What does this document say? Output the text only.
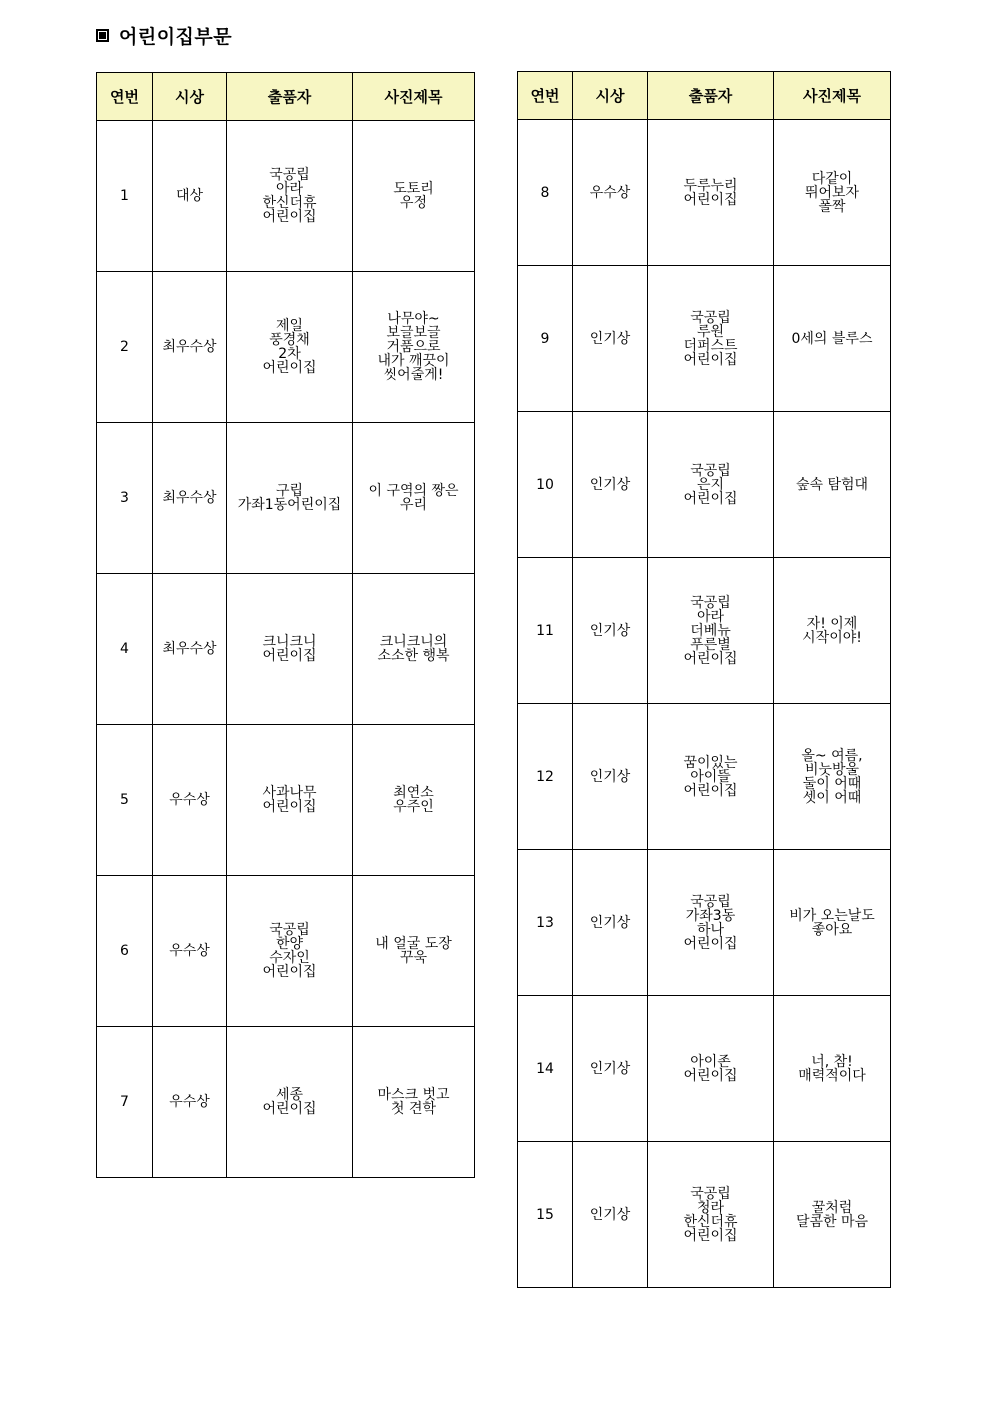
어린이집부문
연번	시상	출품자	사진제목
1	대상	국공립
아라
한신더휴
어린이집	도토리
우정
2	최우수상	제일
풍경채
2차
어린이집	나무야~
보글보글
거품으로
내가 깨끗이
씻어줄게!
3	최우수상	구립
가좌1동어린이집	이 구역의 짱은
우리
4	최우수상	크니크니
어린이집	크니크니의
소소한 행복
5	우수상	사과나무
어린이집	최연소
우주인
6	우수상	국공립
한양
수자인
어린이집	내 얼굴 도장
꾸욱
7	우수상	세종
어린이집	마스크 벗고
첫 견학
연번	시상	출품자	사진제목
8	우수상	두루누리
어린이집	다같이
뛰어보자
폴짝
9	인기상	국공립
루원
더퍼스트
어린이집	0세의 블루스
10	인기상	국공립
은지
어린이집	숲속 탐험대
11	인기상	국공립
아라
더베뉴
푸른별
어린이집	자! 이제
시작이야!
12	인기상	꿈이있는
아이뜰
어린이집	올~ 여름,
비눗방울
둘이 어때
셋이 어때
13	인기상	국공립
가좌3동
하나
어린이집	비가 오는날도
좋아요
14	인기상	아이존
어린이집	너, 참!
매력적이다
15	인기상	국공립
청라
한신더휴
어린이집	꿀처럼
달콤한 마음
